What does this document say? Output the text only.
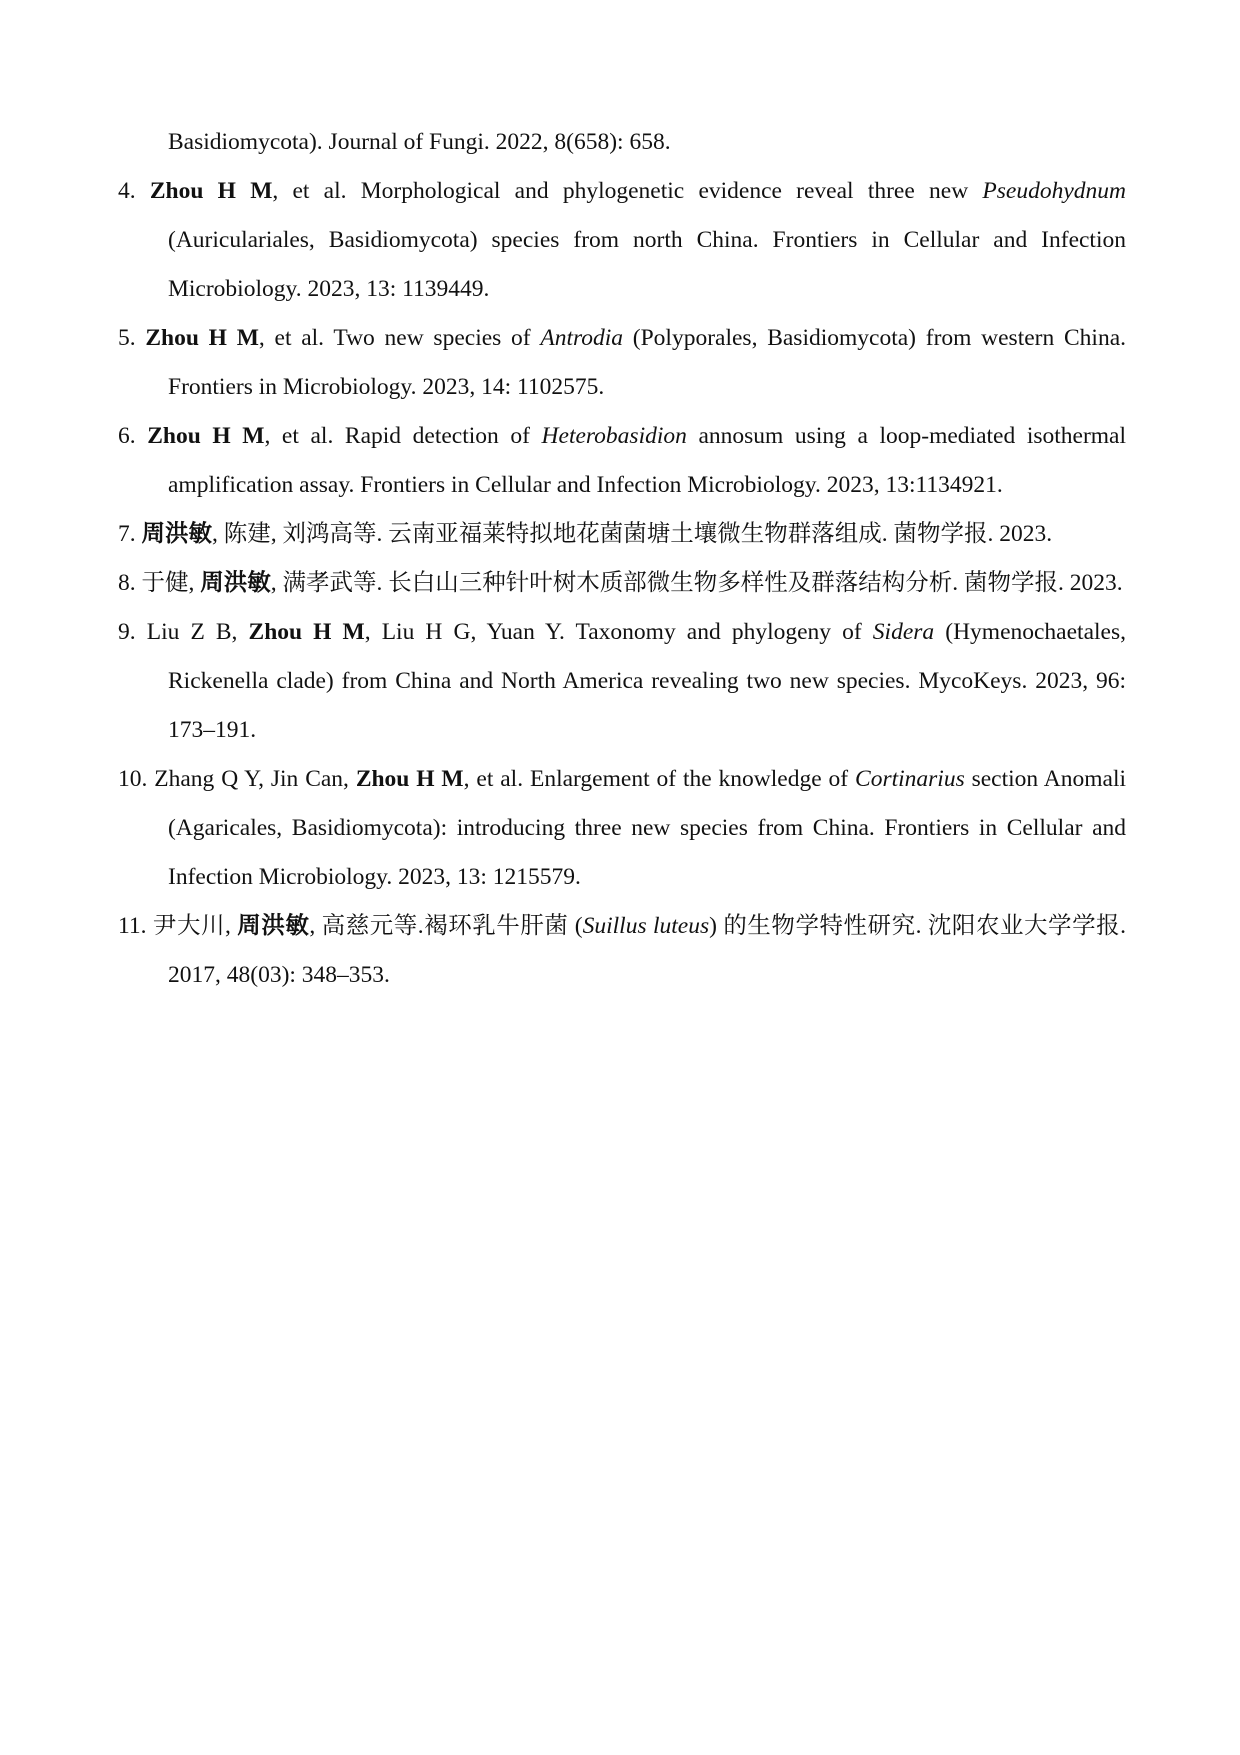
Basidiomycota). Journal of Fungi. 2022, 8(658): 658.
4. Zhou H M, et al. Morphological and phylogenetic evidence reveal three new Pseudohydnum (Auriculariales, Basidiomycota) species from north China. Frontiers in Cellular and Infection Microbiology. 2023, 13: 1139449.
5. Zhou H M, et al. Two new species of Antrodia (Polyporales, Basidiomycota) from western China. Frontiers in Microbiology. 2023, 14: 1102575.
6. Zhou H M, et al. Rapid detection of Heterobasidion annosum using a loop-mediated isothermal amplification assay. Frontiers in Cellular and Infection Microbiology. 2023, 13:1134921.
7. 周洪敏, 陈建, 刘鸿高等. 云南亚福莱特拟地花菌菌塘土壤微生物群落组成. 菌物学报. 2023.
8. 于健, 周洪敏, 满孝武等. 长白山三种针叶树木质部微生物多样性及群落结构分析. 菌物学报. 2023.
9. Liu Z B, Zhou H M, Liu H G, Yuan Y. Taxonomy and phylogeny of Sidera (Hymenochaetales, Rickenella clade) from China and North America revealing two new species. MycoKeys. 2023, 96: 173–191.
10. Zhang Q Y, Jin Can, Zhou H M, et al. Enlargement of the knowledge of Cortinarius section Anomali (Agaricales, Basidiomycota): introducing three new species from China. Frontiers in Cellular and Infection Microbiology. 2023, 13: 1215579.
11. 尹大川, 周洪敏, 高慈元等.褐环乳牛肝菌 (Suillus luteus) 的生物学特性研究. 沈阳农业大学学报. 2017, 48(03): 348–353.
